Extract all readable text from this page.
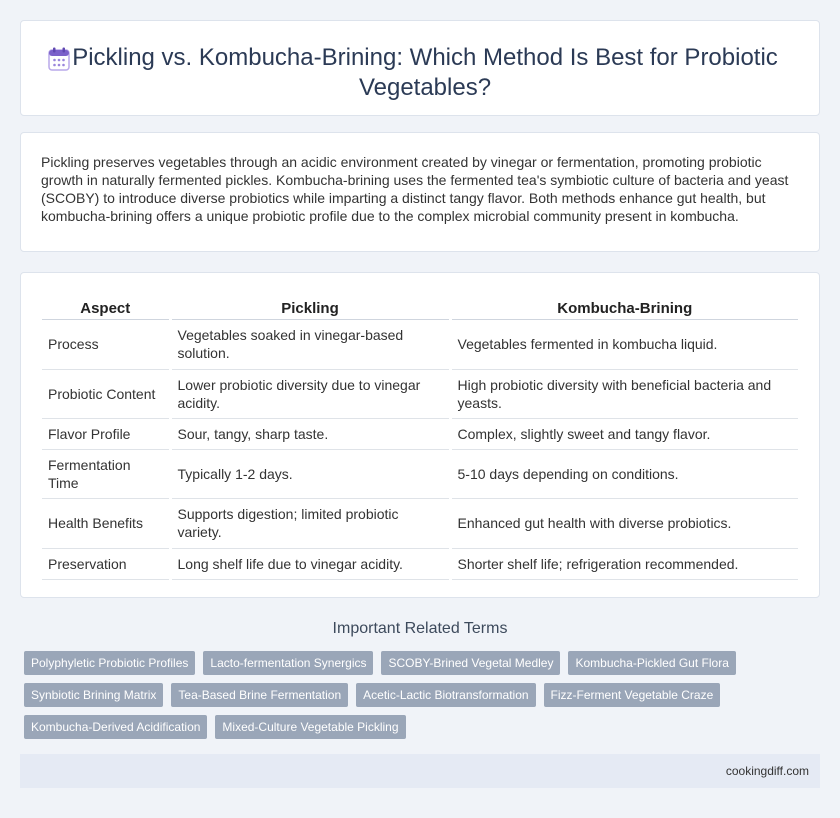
Pickling vs. Kombucha-Brining: Which Method Is Best for Probiotic Vegetables?

Pickling preserves vegetables through an acidic environment created by vinegar or fermentation, promoting probiotic growth in naturally fermented pickles. Kombucha-brining uses the fermented tea's symbiotic culture of bacteria and yeast (SCOBY) to introduce diverse probiotics while imparting a distinct tangy flavor. Both methods enhance gut health, but kombucha-brining offers a unique probiotic profile due to the complex microbial community present in kombucha.

Aspect	Pickling	Kombucha-Brining
Process	Vegetables soaked in vinegar-based solution.	Vegetables fermented in kombucha liquid.
Probiotic Content	Lower probiotic diversity due to vinegar acidity.	High probiotic diversity with beneficial bacteria and yeasts.
Flavor Profile	Sour, tangy, sharp taste.	Complex, slightly sweet and tangy flavor.
Fermentation Time	Typically 1-2 days.	5-10 days depending on conditions.
Health Benefits	Supports digestion; limited probiotic variety.	Enhanced gut health with diverse probiotics.
Preservation	Long shelf life due to vinegar acidity.	Shorter shelf life; refrigeration recommended.
Important Related Terms
Polyphyletic Probiotic Profiles	Lacto-fermentation Synergics	SCOBY-Brined Vegetal Medley	Kombucha-Pickled Gut Flora
Synbiotic Brining Matrix	Tea-Based Brine Fermentation	Acetic-Lactic Biotransformation	Fizz-Ferment Vegetable Craze
Kombucha-Derived Acidification	Mixed-Culture Vegetable Pickling
cookingdiff.com
